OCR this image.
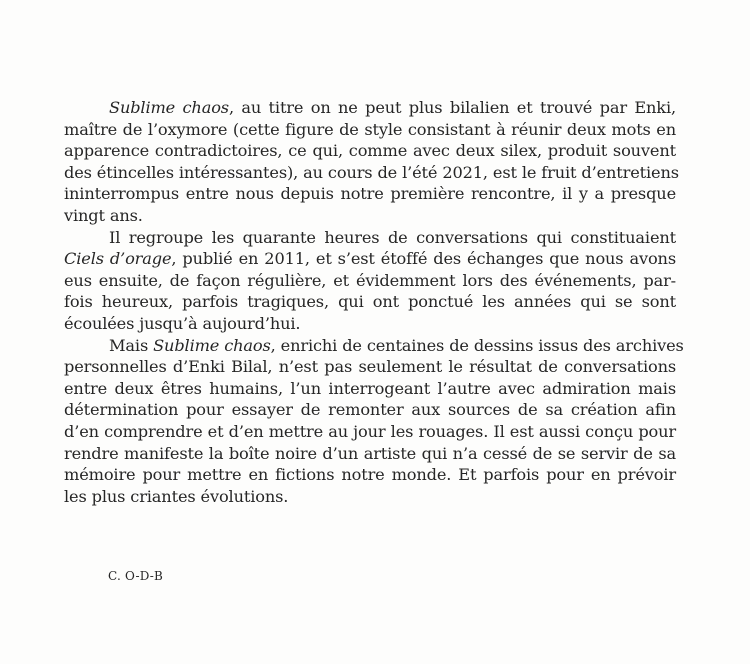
Sublime chaos, au titre on ne peut plus bilalien et trouvé par Enki,
maître de l’oxymore (cette figure de style consistant à réunir deux mots en
apparence contradictoires, ce qui, comme avec deux silex, produit souvent
des étincelles intéressantes), au cours de l’été 2021, est le fruit d’entretiens
ininterrompus entre nous depuis notre première rencontre, il y a presque
vingt ans.
Il regroupe les quarante heures de conversations qui constituaient
Ciels d’orage, publié en 2011, et s’est étoffé des échanges que nous avons
eus ensuite, de façon régulière, et évidemment lors des événements, par-
fois heureux, parfois tragiques, qui ont ponctué les années qui se sont
écoulées jusqu’à aujourd’hui.
Mais Sublime chaos, enrichi de centaines de dessins issus des archives
personnelles d’Enki Bilal, n’est pas seulement le résultat de conversations
entre deux êtres humains, l’un interrogeant l’autre avec admiration mais
détermination pour essayer de remonter aux sources de sa création afin
d’en comprendre et d’en mettre au jour les rouages. Il est aussi conçu pour
rendre manifeste la boîte noire d’un artiste qui n’a cessé de se servir de sa
mémoire pour mettre en fictions notre monde. Et parfois pour en prévoir
les plus criantes évolutions.
C. O-D-B
